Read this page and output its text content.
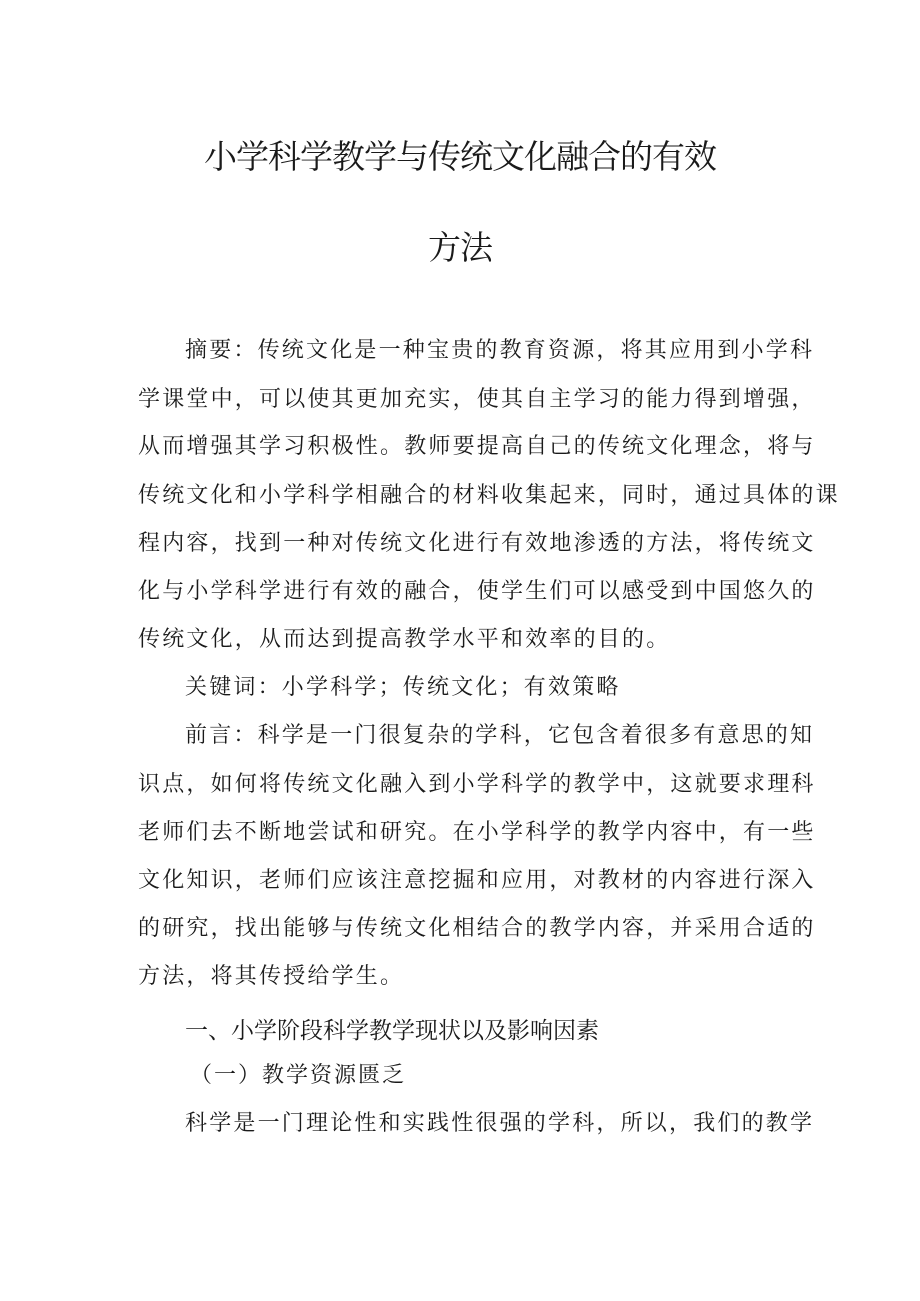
小学科学教学与传统文化融合的有效
方法

摘要：传统文化是一种宝贵的教育资源，将其应用到小学科

学课堂中，可以使其更加充实，使其自主学习的能力得到增强，

从而增强其学习积极性。教师要提高自己的传统文化理念，将与

传统文化和小学科学相融合的材料收集起来，同时，通过具体的课

程内容，找到一种对传统文化进行有效地渗透的方法，将传统文

化与小学科学进行有效的融合，使学生们可以感受到中国悠久的

传统文化，从而达到提高教学水平和效率的目的。

关键词：小学科学；传统文化；有效策略

前言：科学是一门很复杂的学科，它包含着很多有意思的知

识点，如何将传统文化融入到小学科学的教学中，这就要求理科

老师们去不断地尝试和研究。在小学科学的教学内容中，有一些

文化知识，老师们应该注意挖掘和应用，对教材的内容进行深入

的研究，找出能够与传统文化相结合的教学内容，并采用合适的

方法，将其传授给学生。

一、小学阶段科学教学现状以及影响因素
（一）教学资源匮乏

科学是一门理论性和实践性很强的学科，所以，我们的教学
